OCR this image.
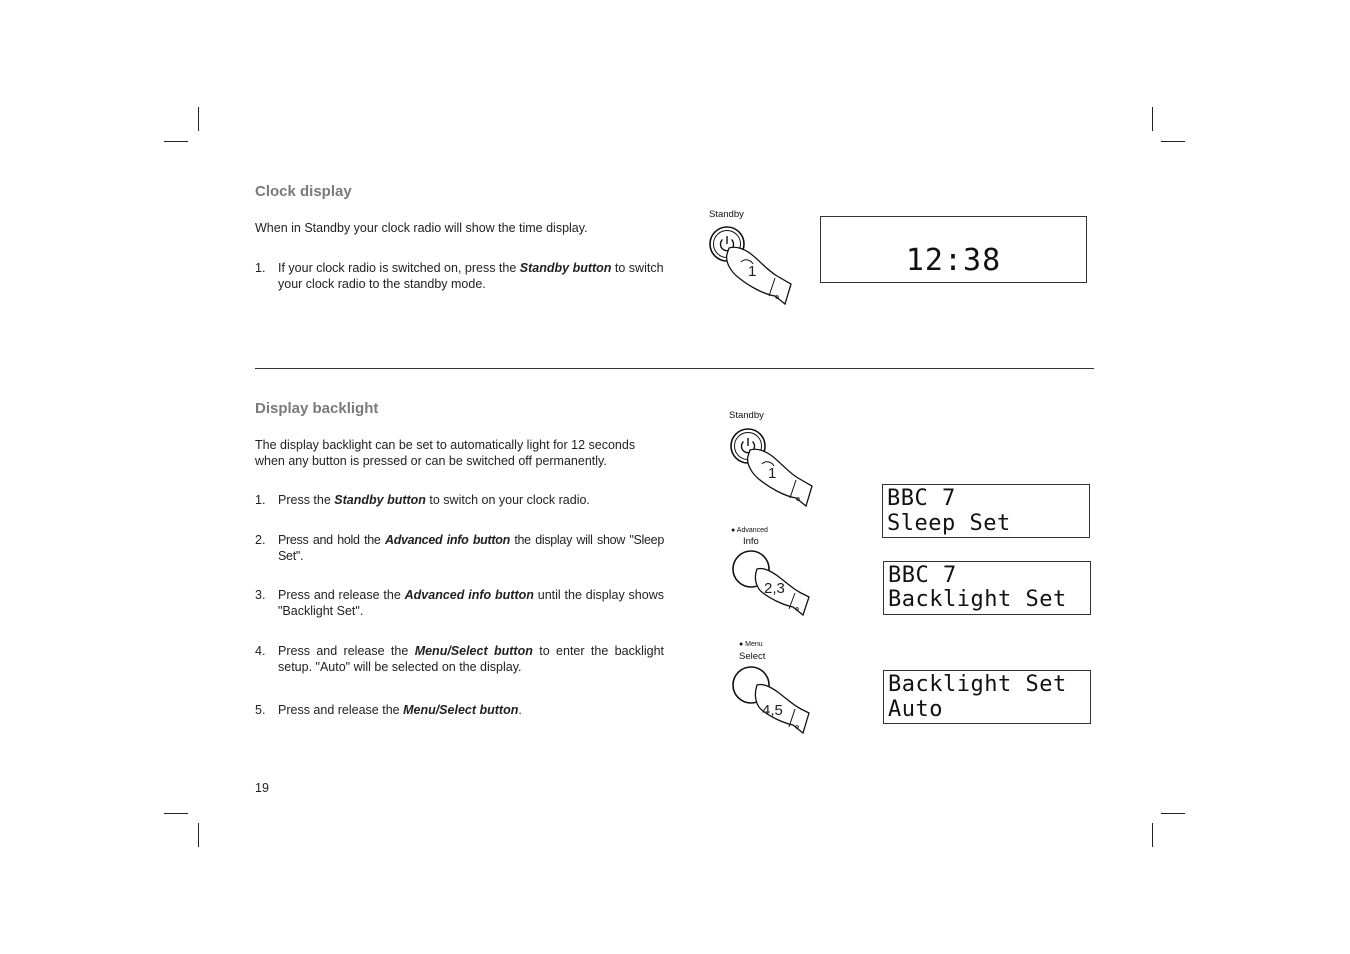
Clock display
When in Standby your clock radio will show the time display.
1. If your clock radio is switched on, press the Standby button to switch your clock radio to the standby mode.
Standby
1	12:38
Display backlight
The display backlight can be set to automatically light for 12 seconds when any button is pressed or can be switched off permanently.
1. Press the Standby button to switch on your clock radio.
2. Press and hold the Advanced info button the display will show "Sleep Set".
3. Press and release the Advanced info button until the display shows "Backlight Set".
4. Press and release the Menu/Select button to enter the backlight setup. "Auto" will be selected on the display.
5. Press and release the Menu/Select button.
Standby
1
● Advanced
Info
2,3
● Menu
Select
4,5
BBC 7
Sleep Set
BBC 7
Backlight Set
Backlight Set
Auto
19
